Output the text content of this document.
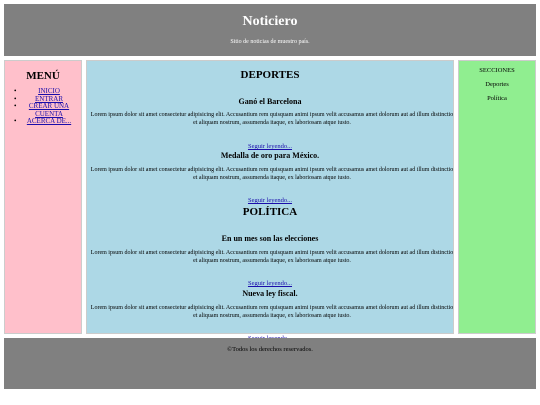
Noticiero

Sitio de noticias de muestro país.

MENÚ
•	INICIO
•	ENTRAR
• CREAR UNA CUENTA
• ACERCA DE...
DEPORTES
Ganó el Barcelona

Lorem ipsum dolor sit amet consectetur adipisicing elit. Accusantium rem quisquam animi ipsum velit accusamus amet dolorum aut ad illum distinctio et aliquam nostrum, assumenda itaque, ex laboriosam atque iusto.

Seguir leyendo...
Medalla de oro para México.

Lorem ipsum dolor sit amet consectetur adipisicing elit. Accusantium rem quisquam animi ipsum velit accusamus amet dolorum aut ad illum distinctio et aliquam nostrum, assumenda itaque, ex laboriosam atque iusto.

Seguir leyendo...
POLÍTICA
En un mes son las elecciones

Lorem ipsum dolor sit amet consectetur adipisicing elit. Accusantium rem quisquam animi ipsum velit accusamus amet dolorum aut ad illum distinctio et aliquam nostrum, assumenda itaque, ex laboriosam atque iusto.

Seguir leyendo...
Nueva ley fiscal.

Lorem ipsum dolor sit amet consectetur adipisicing elit. Accusantium rem quisquam animi ipsum velit accusamus amet dolorum aut ad illum distinctio et aliquam nostrum, assumenda itaque, ex laboriosam atque iusto.

SECCIONES
Deportes
Política

©Todos los derechos reservados.
